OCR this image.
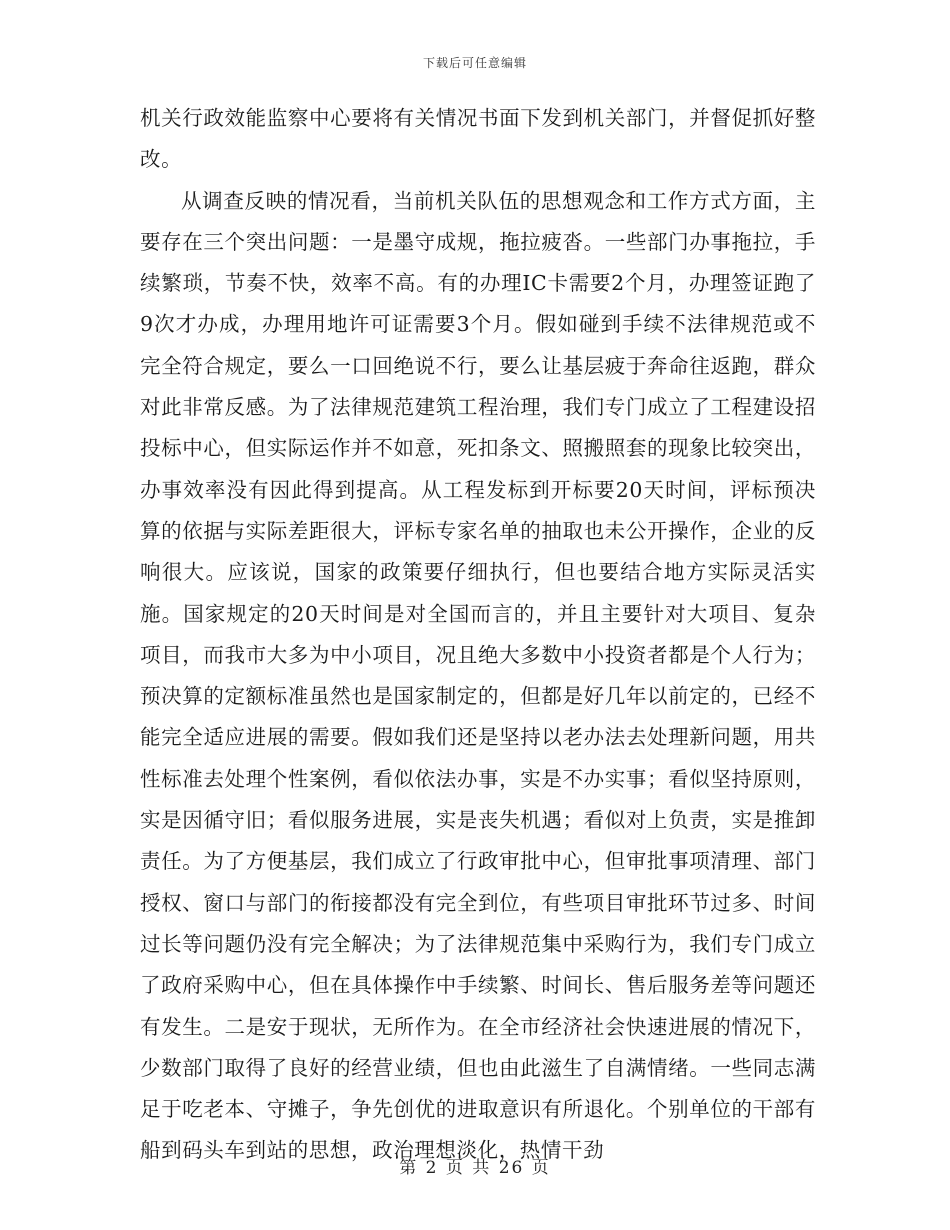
下载后可任意编辑

机关行政效能监察中心要将有关情况书面下发到机关部门，并督促抓好整改。

从调查反映的情况看，当前机关队伍的思想观念和工作方式方面，主要存在三个突出问题：一是墨守成规，拖拉疲沓。一些部门办事拖拉，手续繁琐，节奏不快，效率不高。有的办理IC卡需要2个月，办理签证跑了9次才办成，办理用地许可证需要3个月。假如碰到手续不法律规范或不完全符合规定，要么一口回绝说不行，要么让基层疲于奔命往返跑，群众对此非常反感。为了法律规范建筑工程治理，我们专门成立了工程建设招投标中心，但实际运作并不如意，死扣条文、照搬照套的现象比较突出，办事效率没有因此得到提高。从工程发标到开标要20天时间，评标预决算的依据与实际差距很大，评标专家名单的抽取也未公开操作，企业的反响很大。应该说，国家的政策要仔细执行，但也要结合地方实际灵活实施。国家规定的20天时间是对全国而言的，并且主要针对大项目、复杂项目，而我市大多为中小项目，况且绝大多数中小投资者都是个人行为；预决算的定额标准虽然也是国家制定的，但都是好几年以前定的，已经不能完全适应进展的需要。假如我们还是坚持以老办法去处理新问题，用共性标准去处理个性案例，看似依法办事，实是不办实事；看似坚持原则，实是因循守旧；看似服务进展，实是丧失机遇；看似对上负责，实是推卸责任。为了方便基层，我们成立了行政审批中心，但审批事项清理、部门授权、窗口与部门的衔接都没有完全到位，有些项目审批环节过多、时间过长等问题仍没有完全解决；为了法律规范集中采购行为，我们专门成立了政府采购中心，但在具体操作中手续繁、时间长、售后服务差等问题还有发生。二是安于现状，无所作为。在全市经济社会快速进展的情况下，少数部门取得了良好的经营业绩，但也由此滋生了自满情绪。一些同志满足于吃老本、守摊子，争先创优的进取意识有所退化。个别单位的干部有船到码头车到站的思想，政治理想淡化，热情干劲

第 2 页 共 26 页
